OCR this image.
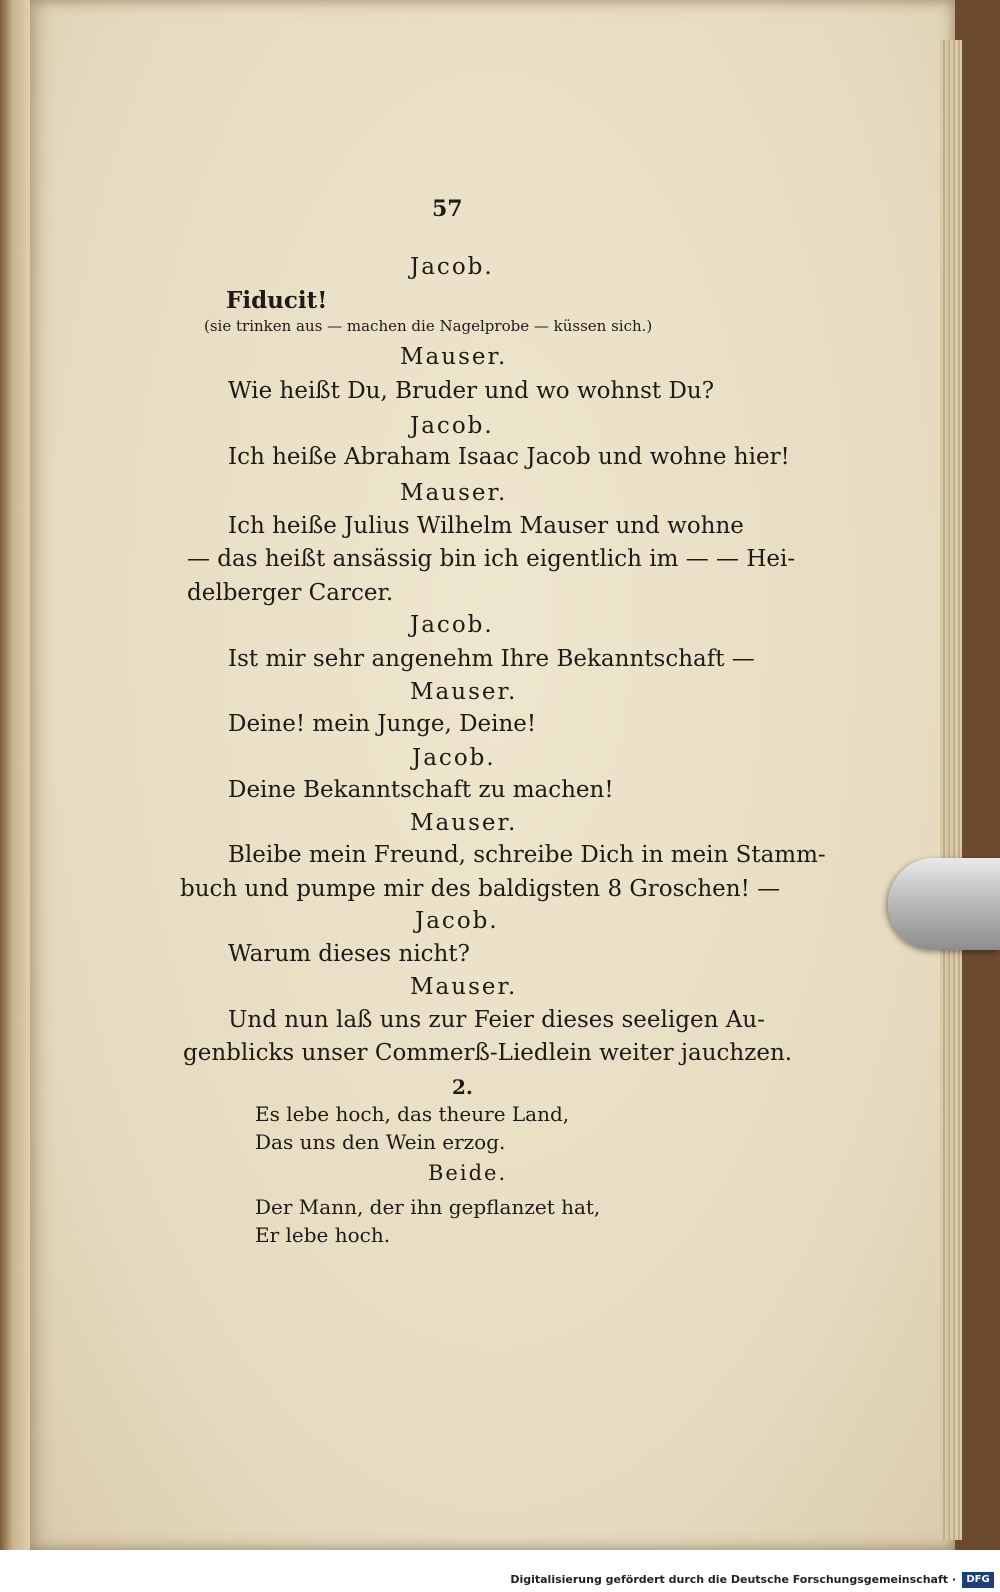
57
Jacob.
Fiducit!
(sie trinken aus — machen die Nagelprobe — küssen sich.)
Mauser.
Wie heißt Du, Bruder und wo wohnst Du?
Jacob.
Ich heiße Abraham Isaac Jacob und wohne hier!
Mauser.
Ich heiße Julius Wilhelm Mauser und wohne
— das heißt ansässig bin ich eigentlich im — — Hei-
delberger Carcer.
Jacob.
Ist mir sehr angenehm Ihre Bekanntschaft —
Mauser.
Deine! mein Junge, Deine!
Jacob.
Deine Bekanntschaft zu machen!
Mauser.
Bleibe mein Freund, schreibe Dich in mein Stamm-
buch und pumpe mir des baldigsten 8 Groschen! —
Jacob.
Warum dieses nicht?
Mauser.
Und nun laß uns zur Feier dieses seeligen Au-
genblicks unser Commerß-Liedlein weiter jauchzen.
2.
Es lebe hoch, das theure Land,
Das uns den Wein erzog.
Beide.
Der Mann, der ihn gepflanzet hat,
Er lebe hoch.
Digitalisierung gefördert durch die Deutsche Forschungsgemeinschaft ·	DFG
